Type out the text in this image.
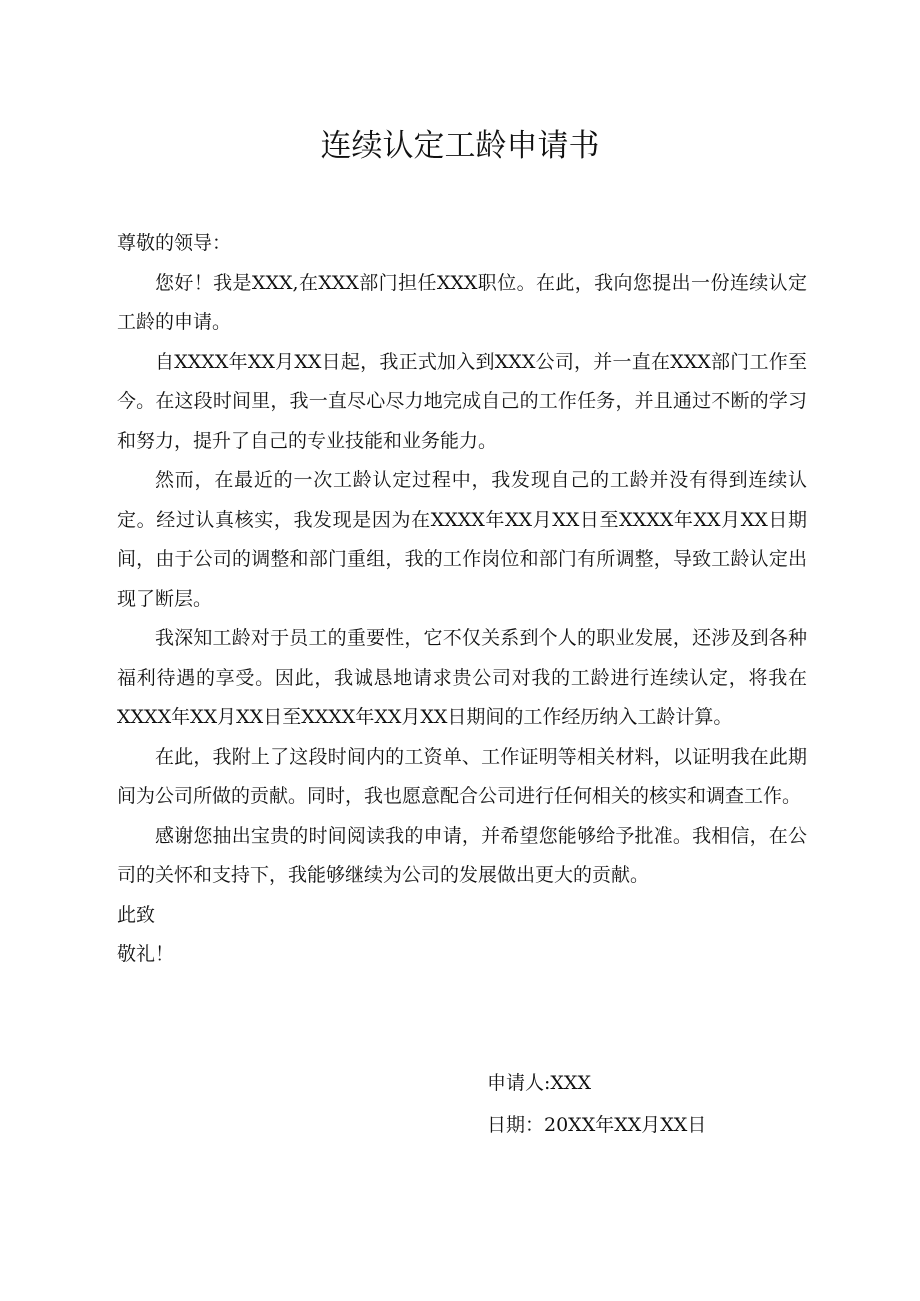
连续认定工龄申请书

尊敬的领导：

您好！我是XXX,在XXX部门担任XXX职位。在此，我向您提出一份连续认定工龄的申请。

自XXXX年XX月XX日起，我正式加入到XXX公司，并一直在XXX部门工作至今。在这段时间里，我一直尽心尽力地完成自己的工作任务，并且通过不断的学习和努力，提升了自己的专业技能和业务能力。

然而，在最近的一次工龄认定过程中，我发现自己的工龄并没有得到连续认定。经过认真核实，我发现是因为在XXXX年XX月XX日至XXXX年XX月XX日期间，由于公司的调整和部门重组，我的工作岗位和部门有所调整，导致工龄认定出现了断层。

我深知工龄对于员工的重要性，它不仅关系到个人的职业发展，还涉及到各种福利待遇的享受。因此，我诚恳地请求贵公司对我的工龄进行连续认定，将我在XXXX年XX月XX日至XXXX年XX月XX日期间的工作经历纳入工龄计算。

在此，我附上了这段时间内的工资单、工作证明等相关材料，以证明我在此期间为公司所做的贡献。同时，我也愿意配合公司进行任何相关的核实和调查工作。

感谢您抽出宝贵的时间阅读我的申请，并希望您能够给予批准。我相信，在公司的关怀和支持下，我能够继续为公司的发展做出更大的贡献。

此致

敬礼！

申请人:XXX

日期：20XX年XX月XX日
